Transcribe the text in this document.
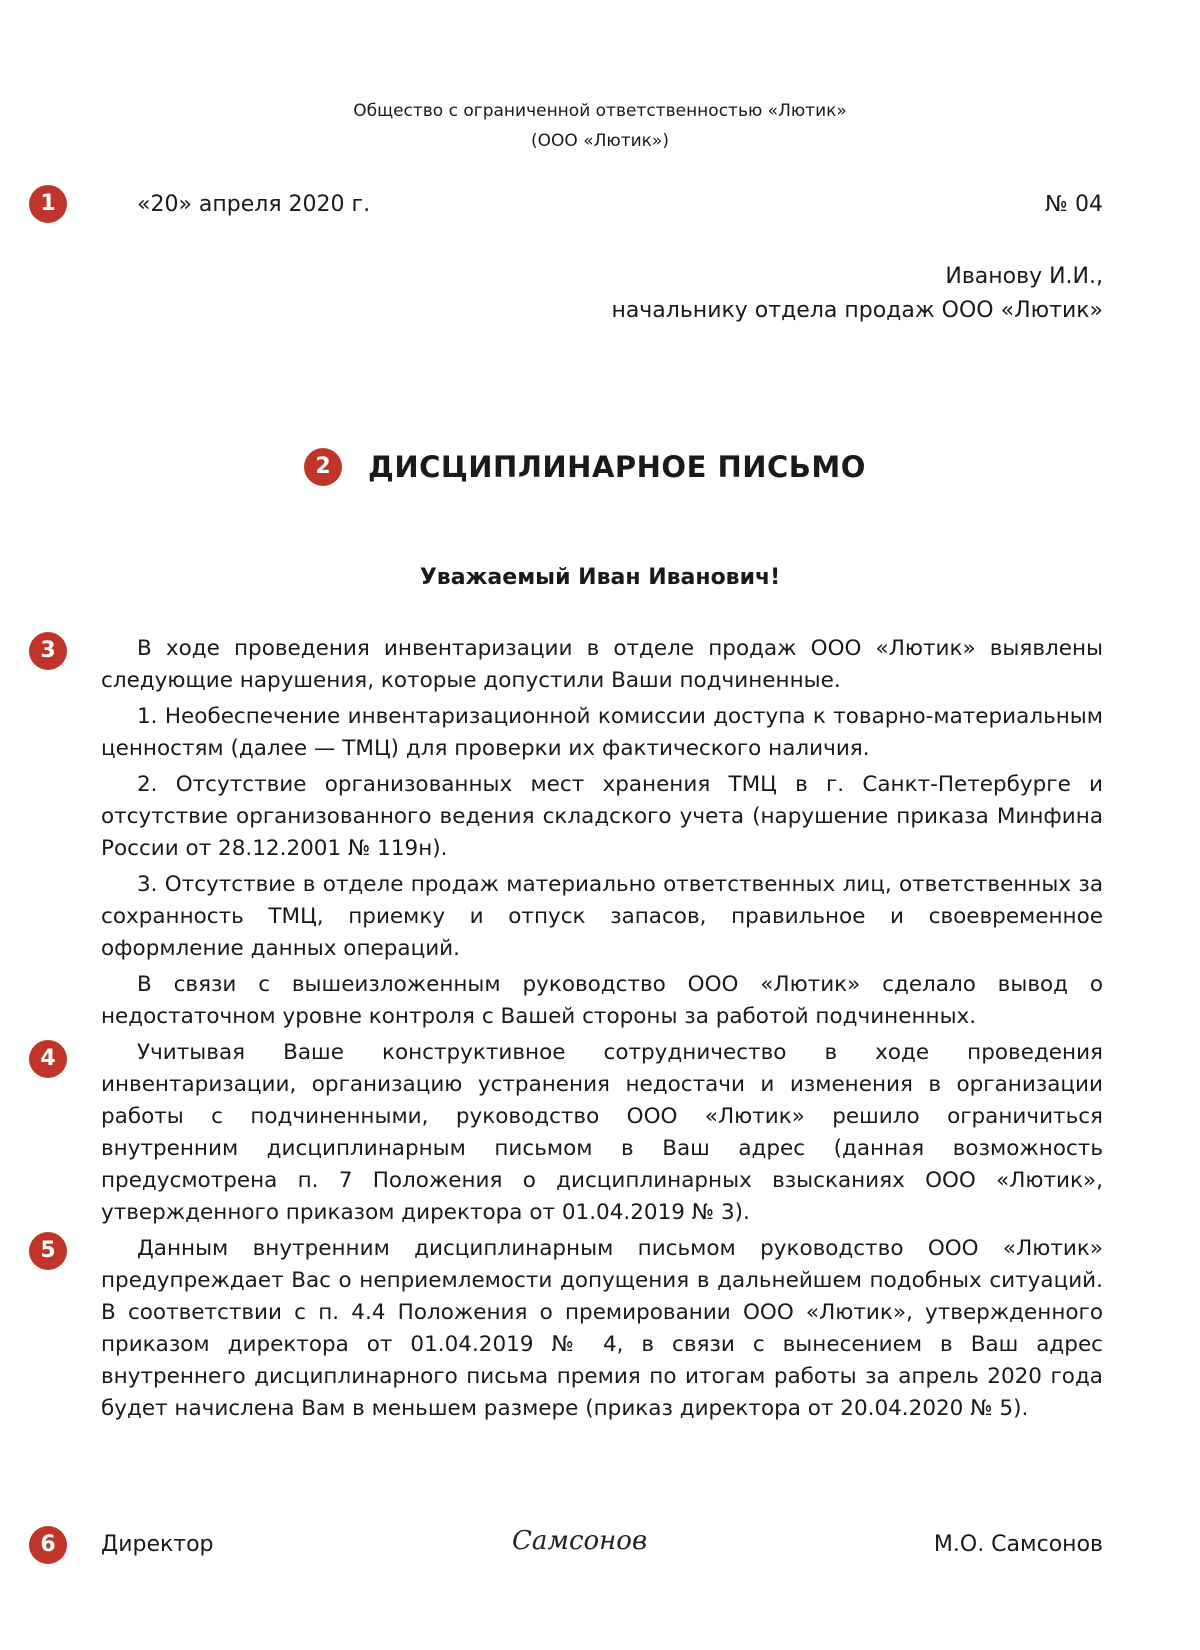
Общество с ограниченной ответственностью «Лютик»
(ООО «Лютик»)
1	«20» апреля 2020 г.	№ 04
Иванову И.И.,
начальнику отдела продаж ООО «Лютик»
2	ДИСЦИПЛИНАРНОЕ ПИСЬМО
Уважаемый Иван Иванович!
3
4
5

В ходе проведения инвентаризации в отделе продаж ООО «Лютик» выявлены следующие нарушения, которые допустили Ваши подчиненные.

1. Необеспечение инвентаризационной комиссии доступа к товарно-материальным ценностям (далее — ТМЦ) для проверки их фактического наличия.

2. Отсутствие организованных мест хранения ТМЦ в г. Санкт-Петербурге и отсутствие организованного ведения складского учета (нарушение приказа Минфина России от 28.12.2001 № 119н).

3. Отсутствие в отделе продаж материально ответственных лиц, ответственных за сохранность ТМЦ, приемку и отпуск запасов, правильное и своевременное оформление данных операций.

В связи с вышеизложенным руководство ООО «Лютик» сделало вывод о недостаточном уровне контроля с Вашей стороны за работой подчиненных.

Учитывая Ваше конструктивное сотрудничество в ходе проведения инвентаризации, организацию устранения недостачи и изменения в организации работы с подчиненными, руководство ООО «Лютик» решило ограничиться внутренним дисциплинарным письмом в Ваш адрес (данная возможность предусмотрена п. 7 Положения о дисциплинарных взысканиях ООО «Лютик», утвержденного приказом директора от 01.04.2019 № 3).

Данным внутренним дисциплинарным письмом руководство ООО «Лютик» предупреждает Вас о неприемлемости допущения в дальнейшем подобных ситуаций. В соответствии с п. 4.4 Положения о премировании ООО «Лютик», утвержденного приказом директора от 01.04.2019 № 4, в связи с вынесением в Ваш адрес внутреннего дисциплинарного письма премия по итогам работы за апрель 2020 года будет начислена Вам в меньшем размере (приказ директора от 20.04.2020 № 5).

6	Директор	Самсонов	М.О. Самсонов
